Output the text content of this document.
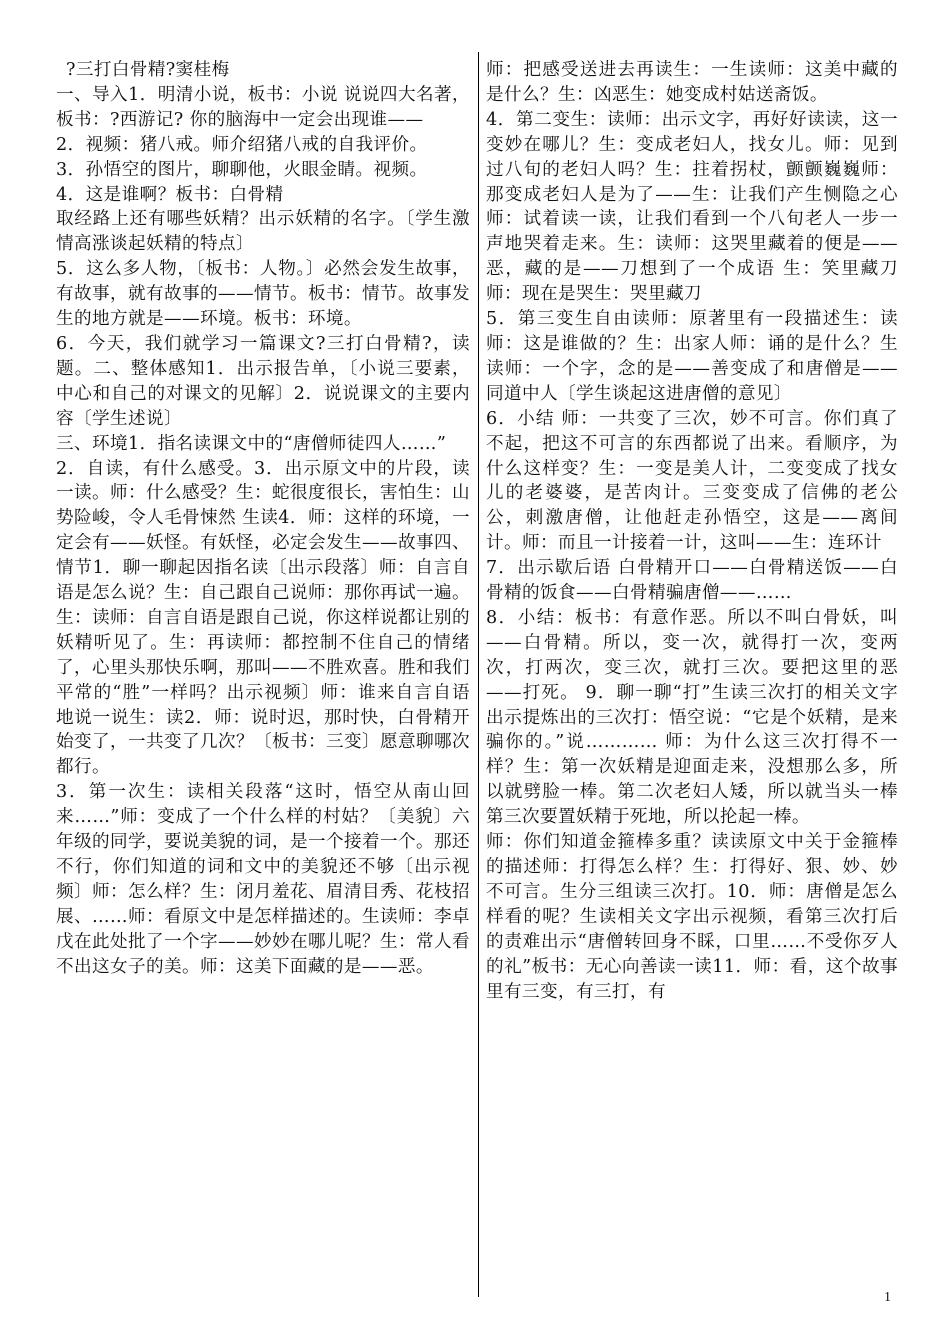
?三打白骨精?窦桂梅

一、导入1．明清小说，板书：小说 说说四大名著，板书：?西游记? 你的脑海中一定会出现谁——

2．视频：猪八戒。师介绍猪八戒的自我评价。

3．孙悟空的图片，聊聊他，火眼金睛。视频。

4．这是谁啊？板书：白骨精

取经路上还有哪些妖精？出示妖精的名字。〔学生激情高涨谈起妖精的特点〕

5．这么多人物，〔板书：人物。〕必然会发生故事，有故事，就有故事的——情节。板书：情节。故事发生的地方就是——环境。板书：环境。

6．今天，我们就学习一篇课文?三打白骨精?，读题。二、整体感知1．出示报告单，〔小说三要素，中心和自己的对课文的见解〕2．说说课文的主要内容〔学生述说〕

三、环境1．指名读课文中的“唐僧师徒四人……”

2．自读，有什么感受。3．出示原文中的片段，读一读。师：什么感受？生：蛇很度很长，害怕生：山势险峻，令人毛骨悚然 生读4．师：这样的环境，一定会有——妖怪。有妖怪，必定会发生——故事四、情节1．聊一聊起因指名读〔出示段落〕师：自言自语是怎么说？生：自己跟自己说师：那你再试一遍。生：读师：自言自语是跟自己说，你这样说都让别的妖精听见了。生：再读师：都控制不住自己的情绪了，心里头那快乐啊，那叫——不胜欢喜。胜和我们平常的“胜”一样吗？出示视频〕师：谁来自言自语地说一说生：读2．师：说时迟，那时快，白骨精开始变了，一共变了几次？〔板书：三变〕愿意聊哪次都行。

3．第一次生：读相关段落“这时，悟空从南山回来……”师：变成了一个什么样的村姑？〔美貌〕六年级的同学，要说美貌的词，是一个接着一个。那还不行，你们知道的词和文中的美貌还不够〔出示视频〕师：怎么样？生：闭月羞花、眉清目秀、花枝招展、……师：看原文中是怎样描述的。生读师：李卓戊在此处批了一个字——妙妙在哪儿呢？生：常人看不出这女子的美。师：这美下面藏的是——恶。

师：把感受送进去再读生：一生读师：这美中藏的是什么？生：凶恶生：她变成村姑送斋饭。

4．第二变生：读师：出示文字，再好好读读，这一变妙在哪儿？生：变成老妇人，找女儿。师：见到过八旬的老妇人吗？生：拄着拐杖，颤颤巍巍师：那变成老妇人是为了——生：让我们产生恻隐之心师：试着读一读，让我们看到一个八旬老人一步一声地哭着走来。生：读师：这哭里藏着的便是——恶，藏的是——刀想到了一个成语 生：笑里藏刀师：现在是哭生：哭里藏刀

5．第三变生自由读师：原著里有一段描述生：读师：这是谁做的？生：出家人师：诵的是什么？生读师：一个字，念的是——善变成了和唐僧是——同道中人〔学生谈起这进唐僧的意见〕

6．小结 师：一共变了三次，妙不可言。你们真了不起，把这不可言的东西都说了出来。看顺序，为什么这样变？生：一变是美人计，二变变成了找女儿的老婆婆，是苦肉计。三变变成了信佛的老公公，刺激唐僧，让他赶走孙悟空，这是——离间计。师：而且一计接着一计，这叫——生：连环计

7．出示歇后语 白骨精开口——白骨精送饭——白骨精的饭食——白骨精骗唐僧——……

8．小结：板书：有意作恶。所以不叫白骨妖，叫——白骨精。所以，变一次，就得打一次，变两次，打两次，变三次，就打三次。要把这里的恶——打死。 9．聊一聊“打”生读三次打的相关文字出示提炼出的三次打：悟空说：“它是个妖精，是来骗你的。”说………… 师：为什么这三次打得不一样？生：第一次妖精是迎面走来，没想那么多，所以就劈脸一棒。第二次老妇人矮，所以就当头一棒第三次要置妖精于死地，所以抡起一棒。

师：你们知道金箍棒多重？读读原文中关于金箍棒的描述师：打得怎么样？生：打得好、狠、妙、妙不可言。生分三组读三次打。10．师：唐僧是怎么样看的呢？生读相关文字出示视频，看第三次打后的责难出示“唐僧转回身不睬，口里……不受你歹人的礼”板书：无心向善读一读11．师：看，这个故事里有三变，有三打，有

1
